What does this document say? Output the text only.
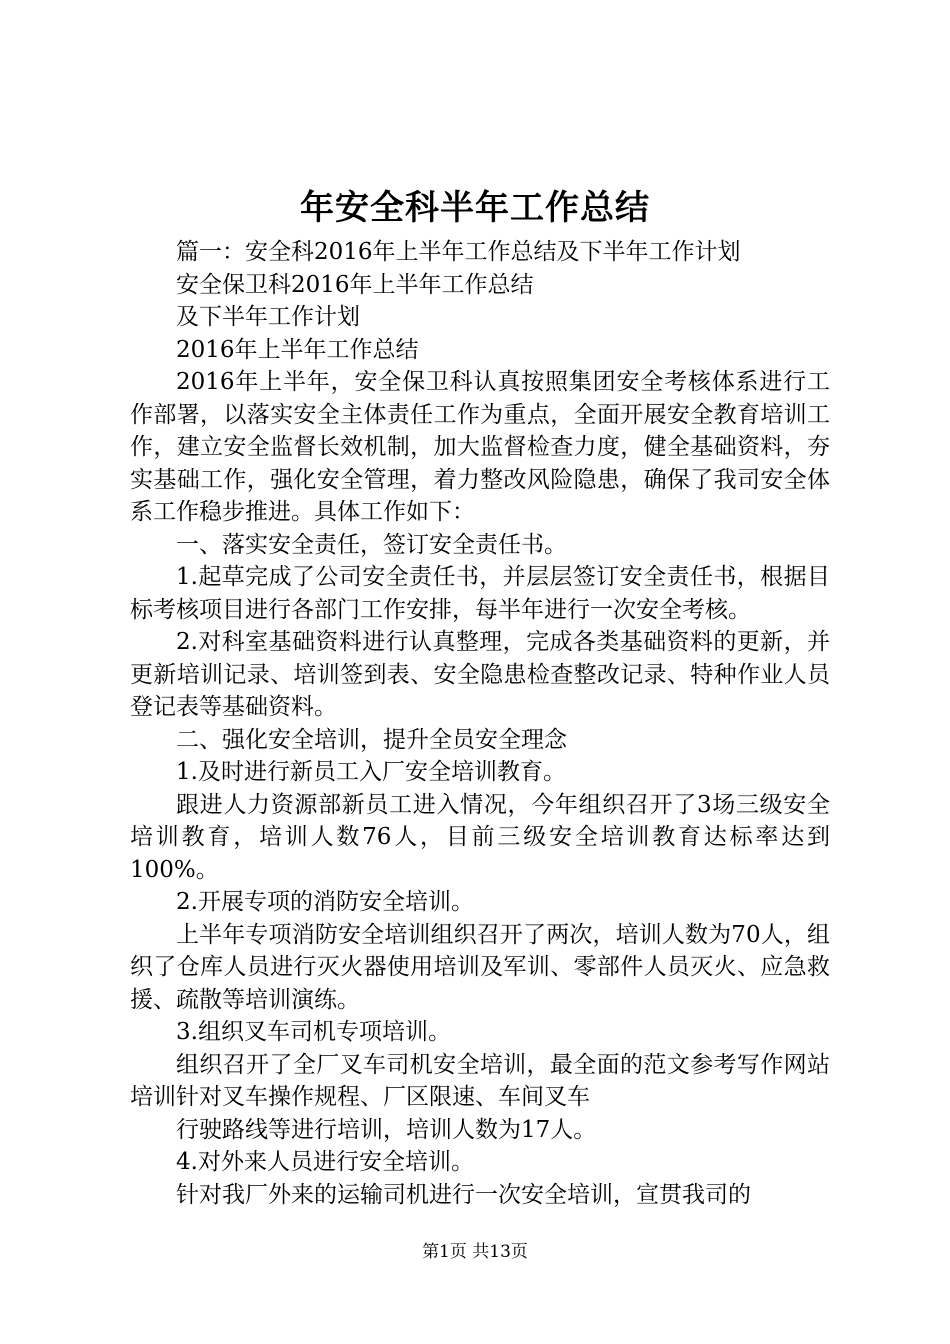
年安全科半年工作总结

篇一：安全科2016年上半年工作总结及下半年工作计划

安全保卫科2016年上半年工作总结

及下半年工作计划

2016年上半年工作总结

2016年上半年，安全保卫科认真按照集团安全考核体系进行工作部署，以落实安全主体责任工作为重点，全面开展安全教育培训工作，建立安全监督长效机制，加大监督检查力度，健全基础资料，夯实基础工作，强化安全管理，着力整改风险隐患，确保了我司安全体系工作稳步推进。具体工作如下：

一、落实安全责任，签订安全责任书。

1.起草完成了公司安全责任书，并层层签订安全责任书，根据目标考核项目进行各部门工作安排，每半年进行一次安全考核。

2.对科室基础资料进行认真整理，完成各类基础资料的更新，并更新培训记录、培训签到表、安全隐患检查整改记录、特种作业人员登记表等基础资料。

二、强化安全培训，提升全员安全理念

1.及时进行新员工入厂安全培训教育。

跟进人力资源部新员工进入情况，今年组织召开了3场三级安全培训教育，培训人数76人，目前三级安全培训教育达标率达到100%。

2.开展专项的消防安全培训。

上半年专项消防安全培训组织召开了两次，培训人数为70人，组织了仓库人员进行灭火器使用培训及军训、零部件人员灭火、应急救援、疏散等培训演练。

3.组织叉车司机专项培训。

组织召开了全厂叉车司机安全培训，最全面的范文参考写作网站培训针对叉车操作规程、厂区限速、车间叉车

行驶路线等进行培训，培训人数为17人。

4.对外来人员进行安全培训。

针对我厂外来的运输司机进行一次安全培训，宣贯我司的

第1页 共13页
